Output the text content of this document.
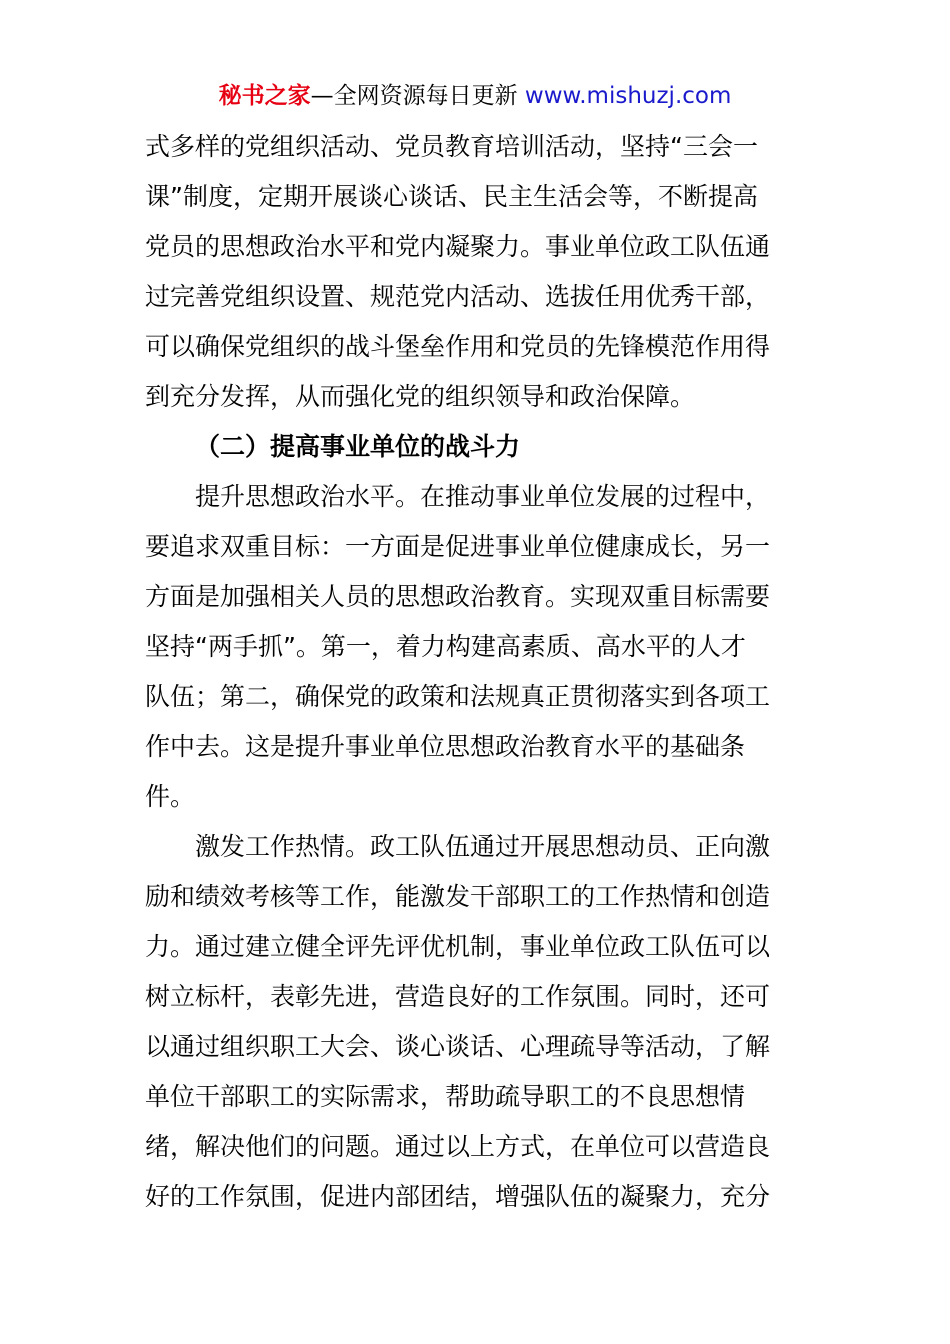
秘书之家—全网资源每日更新 www.mishuzj.com
式多样的党组织活动、党员教育培训活动，坚持“三会一
课”制度，定期开展谈心谈话、民主生活会等，不断提高
党员的思想政治水平和党内凝聚力。事业单位政工队伍通
过完善党组织设置、规范党内活动、选拔任用优秀干部，
可以确保党组织的战斗堡垒作用和党员的先锋模范作用得
到充分发挥，从而强化党的组织领导和政治保障。
（二）提高事业单位的战斗力
提升思想政治水平。在推动事业单位发展的过程中，
要追求双重目标：一方面是促进事业单位健康成长，另一
方面是加强相关人员的思想政治教育。实现双重目标需要
坚持“两手抓”。第一，着力构建高素质、高水平的人才
队伍；第二，确保党的政策和法规真正贯彻落实到各项工
作中去。这是提升事业单位思想政治教育水平的基础条
件。
激发工作热情。政工队伍通过开展思想动员、正向激
励和绩效考核等工作，能激发干部职工的工作热情和创造
力。通过建立健全评先评优机制，事业单位政工队伍可以
树立标杆，表彰先进，营造良好的工作氛围。同时，还可
以通过组织职工大会、谈心谈话、心理疏导等活动，了解
单位干部职工的实际需求，帮助疏导职工的不良思想情
绪，解决他们的问题。通过以上方式，在单位可以营造良
好的工作氛围，促进内部团结，增强队伍的凝聚力，充分
